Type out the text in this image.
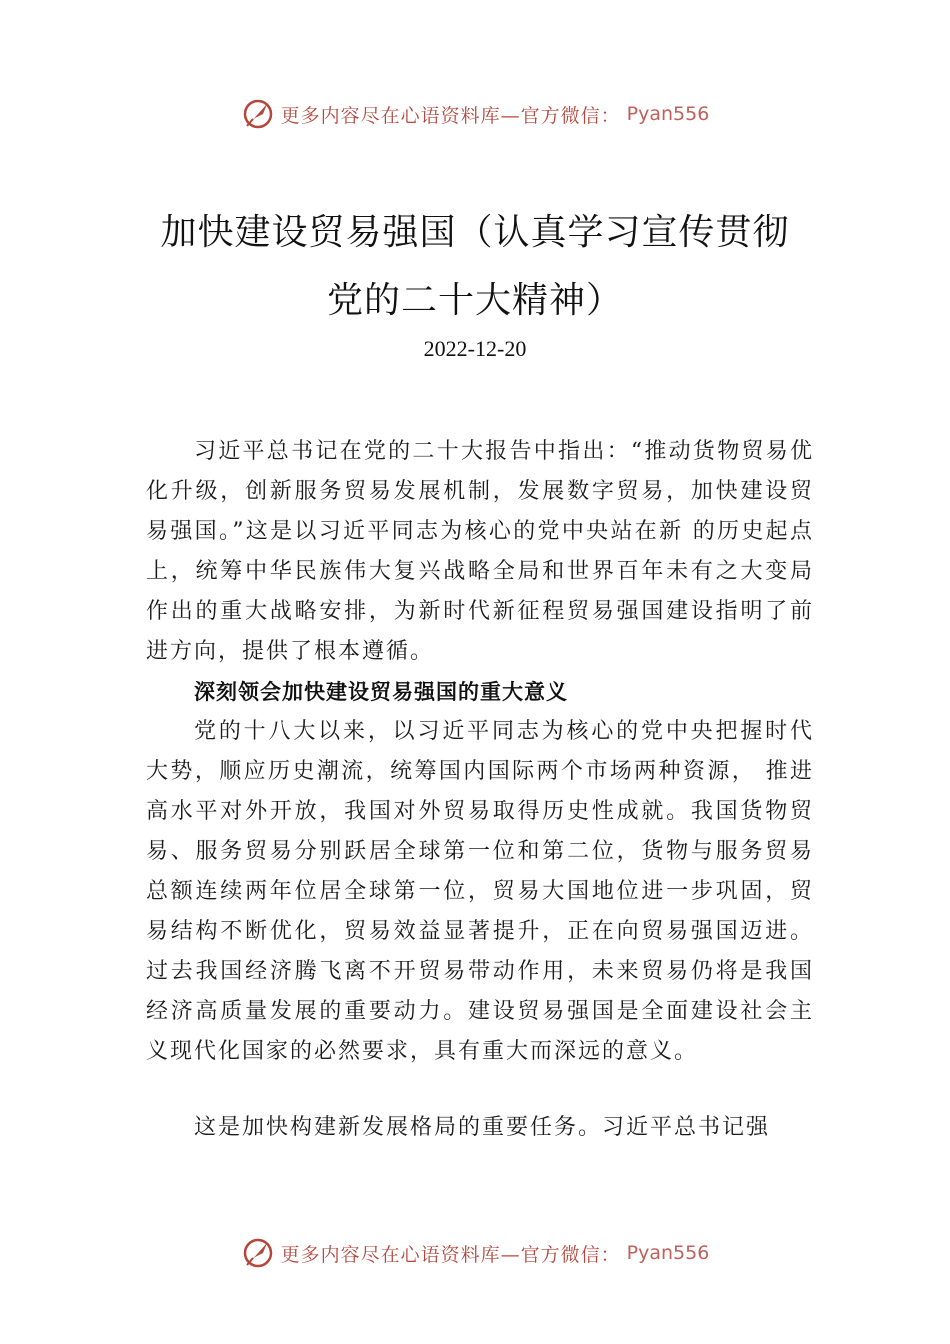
更多内容尽在心语资料库—官方微信： Pyan556
加快建设贸易强国（认真学习宣传贯彻
党的二十大精神）
2022-12-20
习近平总书记在党的二十大报告中指出：“推动货物贸易优化升级，创新服务贸易发展机制，发展数字贸易，加快建设贸易强国。”这是以习近平同志为核心的党中央站在新 的历史起点上，统筹中华民族伟大复兴战略全局和世界百年未有之大变局作出的重大战略安排，为新时代新征程贸易强国建设指明了前进方向，提供了根本遵循。
深刻领会加快建设贸易强国的重大意义
党的十八大以来，以习近平同志为核心的党中央把握时代大势，顺应历史潮流，统筹国内国际两个市场两种资源， 推进高水平对外开放，我国对外贸易取得历史性成就。我国货物贸易、服务贸易分别跃居全球第一位和第二位，货物与服务贸易总额连续两年位居全球第一位，贸易大国地位进一步巩固，贸易结构不断优化，贸易效益显著提升，正在向贸易强国迈进。过去我国经济腾飞离不开贸易带动作用，未来贸易仍将是我国经济高质量发展的重要动力。建设贸易强国是全面建设社会主义现代化国家的必然要求，具有重大而深远的意义。
这是加快构建新发展格局的重要任务。习近平总书记强
更多内容尽在心语资料库—官方微信： Pyan556
